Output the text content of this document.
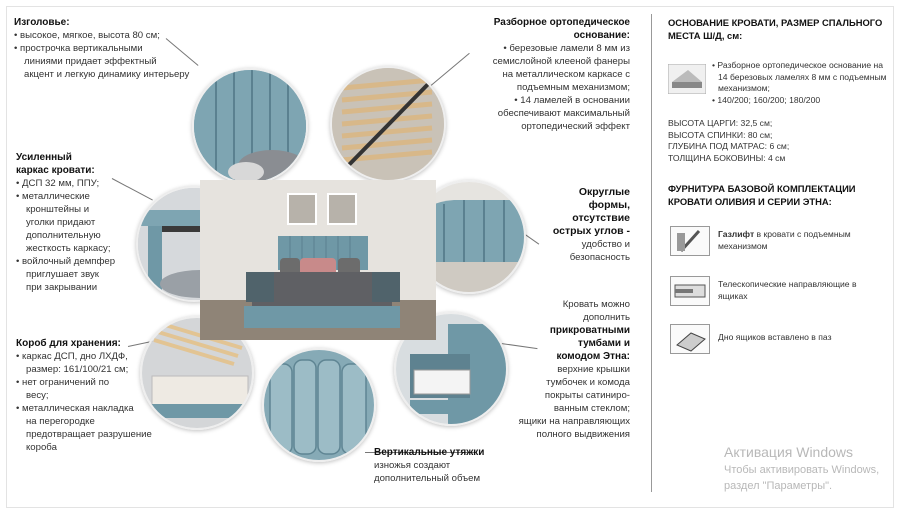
Изголовье:
• высокое, мягкое, высота 80 см;
• прострочка вертикальными
линиями придает эффектный
акцент и легкую динамику интерьеру
Усиленный
каркас кровати:
• ДСП 32 мм, ППУ;
• металлические
кронштейны и
уголки придают
дополнительную
жесткость каркасу;
• войлочный демпфер
приглушает звук
при закрывании
Короб для хранения:
• каркас ДСП, дно ЛХДФ,
размер: 161/100/21 см;
• нет ограничений по
весу;
• металлическая накладка
на перегородке
предотвращает разрушение
короба
Разборное ортопедическое
основание:
• березовые ламели 8 мм из
семислойной клееной фанеры
на металлическом каркасе с
подъемным механизмом;
• 14 ламелей в основании
обеспечивают максимальный
ортопедический эффект
Округлые
формы,
отсутствие
острых углов -
удобство и
безопасность
Кровать можно
дополнить
прикроватными
тумбами и
комодом Этна:
верхние крышки
тумбочек и комода
покрыты сатиниро-
ванным стеклом;
ящики на направляющих
полного выдвижения
Вертикальные утяжки
изножья создают
дополнительный объем
ОСНОВАНИЕ КРОВАТИ, РАЗМЕР СПАЛЬНОГО
МЕСТА Ш/Д, см:
• Разборное ортопедическое основание на
14 березовых ламелях 8 мм с подъемным
механизмом;
• 140/200; 160/200; 180/200
ВЫСОТА ЦАРГИ: 32,5 см;
ВЫСОТА СПИНКИ: 80 см;
ГЛУБИНА ПОД МАТРАС: 6 см;
ТОЛЩИНА БОКОВИНЫ: 4 см
ФУРНИТУРА БАЗОВОЙ КОМПЛЕКТАЦИИ
КРОВАТИ ОЛИВИЯ И СЕРИИ ЭТНА:
Газлифт в кровати с подъемным
механизмом
Телескопические направляющие в
ящиках
Дно ящиков вставлено в паз
Активация Windows
Чтобы активировать Windows,
раздел "Параметры".
